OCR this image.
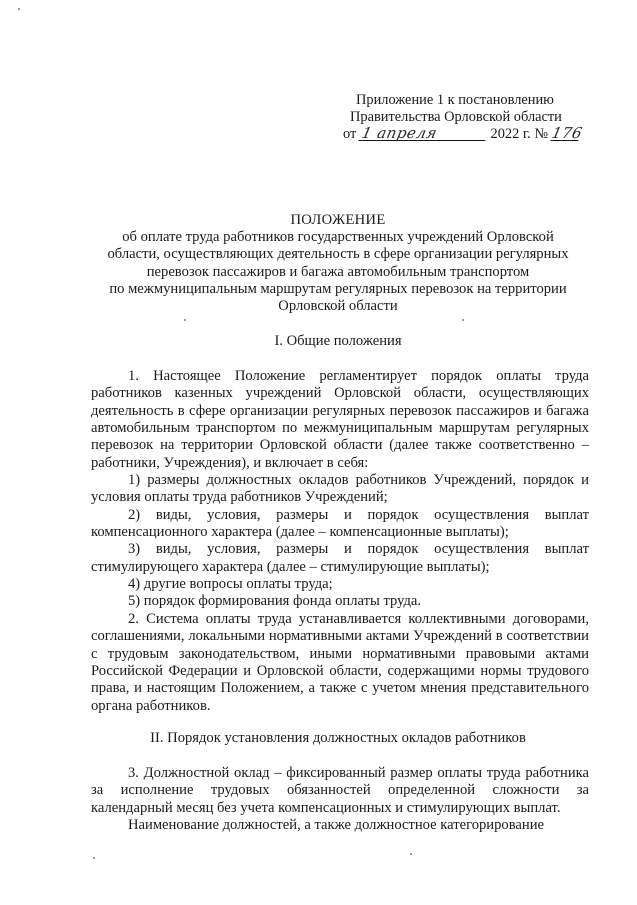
Приложение 1 к постановлению
Правительства Орловской области
от 1 апреля	2022 г. № 176
ПОЛОЖЕНИЕ
об оплате труда работников государственных учреждений Орловской
области, осуществляющих деятельность в сфере организации регулярных
перевозок пассажиров и багажа автомобильным транспортом
по межмуниципальным маршрутам регулярных перевозок на территории
Орловской области
I. Общие положения

1. Настоящее Положение регламентирует порядок оплаты труда работников казенных учреждений Орловской области, осуществляющих деятельность в сфере организации регулярных перевозок пассажиров и багажа автомобильным транспортом по межмуниципальным маршрутам регулярных перевозок на территории Орловской области (далее также соответственно – работники, Учреждения), и включает в себя:

1) размеры должностных окладов работников Учреждений, порядок и условия оплаты труда работников Учреждений;

2) виды, условия, размеры и порядок осуществления выплат компенсационного характера (далее – компенсационные выплаты);

3) виды, условия, размеры и порядок осуществления выплат стимулирующего характера (далее – стимулирующие выплаты);

4) другие вопросы оплаты труда;

5) порядок формирования фонда оплаты труда.

2. Система оплаты труда устанавливается коллективными договорами, соглашениями, локальными нормативными актами Учреждений в соответствии с трудовым законодательством, иными нормативными правовыми актами Российской Федерации и Орловской области, содержащими нормы трудового права, и настоящим Положением, а также с учетом мнения представительного органа работников.

II. Порядок установления должностных окладов работников

3. Должностной оклад – фиксированный размер оплаты труда работника за исполнение трудовых обязанностей определенной сложности за календарный месяц без учета компенсационных и стимулирующих выплат.

Наименование должностей, а также должностное категорирование
